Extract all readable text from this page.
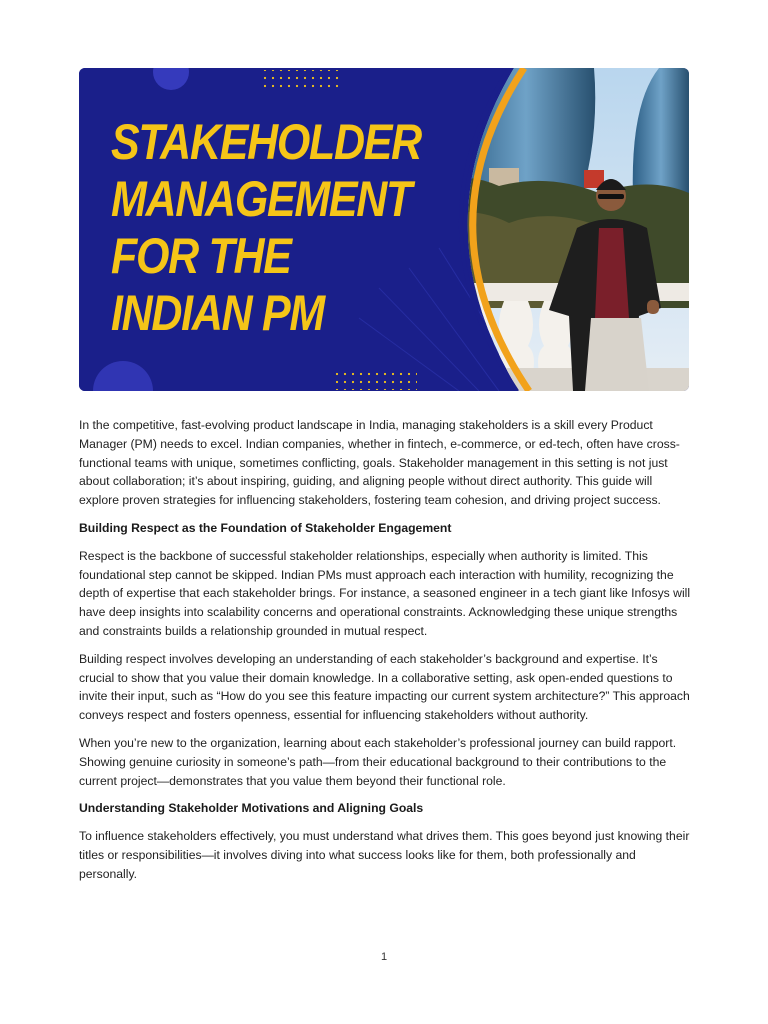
STAKEHOLDER
MANAGEMENT
FOR THE
INDIAN PM

In the competitive, fast-evolving product landscape in India, managing stakeholders is a skill every Product Manager (PM) needs to excel. Indian companies, whether in fintech, e-commerce, or ed-tech, often have cross-functional teams with unique, sometimes conflicting, goals. Stakeholder management in this setting is not just about collaboration; it’s about inspiring, guiding, and aligning people without direct authority. This guide will explore proven strategies for influencing stakeholders, fostering team cohesion, and driving project success.

Building Respect as the Foundation of Stakeholder Engagement

Respect is the backbone of successful stakeholder relationships, especially when authority is limited. This foundational step cannot be skipped. Indian PMs must approach each interaction with humility, recognizing the depth of expertise that each stakeholder brings. For instance, a seasoned engineer in a tech giant like Infosys will have deep insights into scalability concerns and operational constraints. Acknowledging these unique strengths and constraints builds a relationship grounded in mutual respect.

Building respect involves developing an understanding of each stakeholder’s background and expertise. It’s crucial to show that you value their domain knowledge. In a collaborative setting, ask open-ended questions to invite their input, such as “How do you see this feature impacting our current system architecture?” This approach conveys respect and fosters openness, essential for influencing stakeholders without authority.

When you’re new to the organization, learning about each stakeholder’s professional journey can build rapport. Showing genuine curiosity in someone’s path—from their educational background to their contributions to the current project—demonstrates that you value them beyond their functional role.

Understanding Stakeholder Motivations and Aligning Goals

To influence stakeholders effectively, you must understand what drives them. This goes beyond just knowing their titles or responsibilities—it involves diving into what success looks like for them, both professionally and personally.

1
